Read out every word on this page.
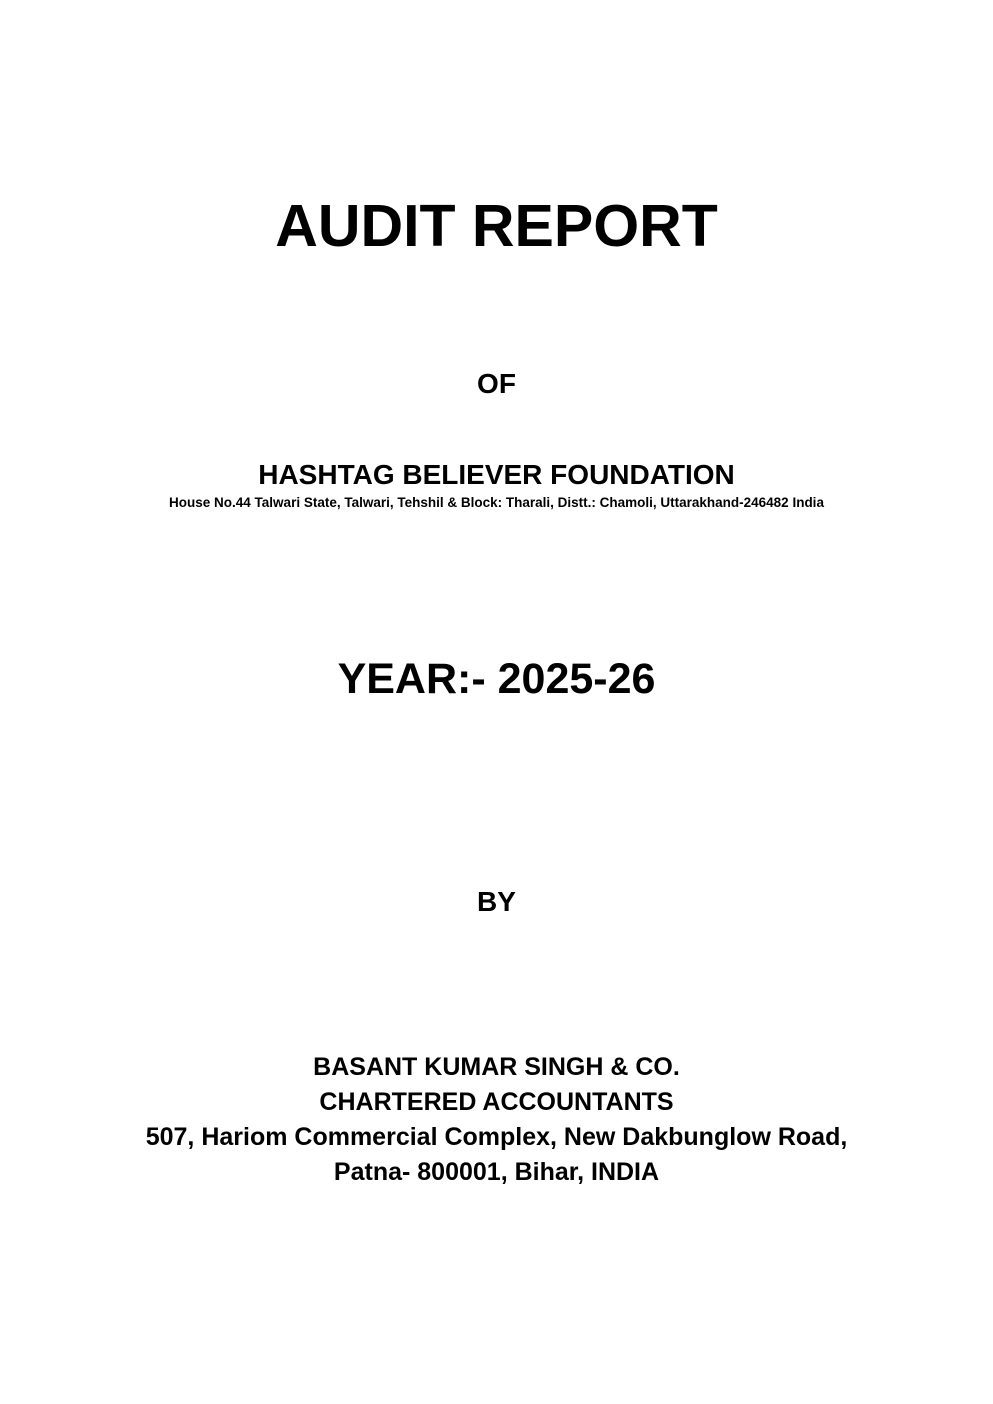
AUDIT REPORT
OF
HASHTAG BELIEVER FOUNDATION
House No.44 Talwari State, Talwari, Tehshil & Block: Tharali, Distt.: Chamoli, Uttarakhand-246482 India
YEAR:- 2025-26
BY
BASANT KUMAR SINGH & CO.
CHARTERED ACCOUNTANTS
507, Hariom Commercial Complex, New Dakbunglow Road,
Patna- 800001, Bihar, INDIA
